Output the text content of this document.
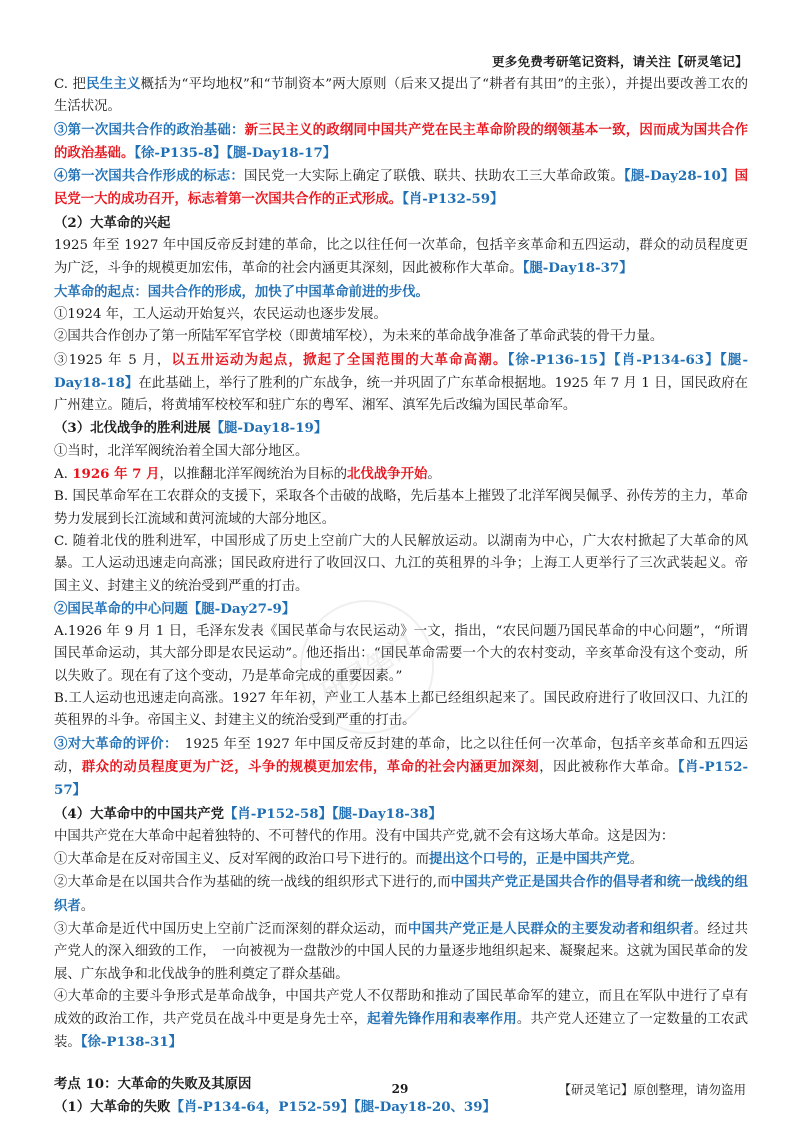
更多免费考研笔记资料，请关注【研灵笔记】
研灵笔记

C. 把民生主义概括为“平均地权”和“节制资本”两大原则（后来又提出了“耕者有其田”的主张），并提出要改善工农的生活状况。

③第一次国共合作的政治基础：新三民主义的政纲同中国共产党在民主革命阶段的纲领基本一致，因而成为国共合作的政治基础。【徐-P135-8】【腿-Day18-17】

④第一次国共合作形成的标志：国民党一大实际上确定了联俄、联共、扶助农工三大革命政策。【腿-Day28-10】国民党一大的成功召开，标志着第一次国共合作的正式形成。【肖-P132-59】

（2）大革命的兴起

1925 年至 1927 年中国反帝反封建的革命，比之以往任何一次革命，包括辛亥革命和五四运动，群众的动员程度更为广泛，斗争的规模更加宏伟，革命的社会内涵更其深刻，因此被称作大革命。【腿-Day18-37】

大革命的起点：国共合作的形成，加快了中国革命前进的步伐。

①1924 年，工人运动开始复兴，农民运动也逐步发展。

②国共合作创办了第一所陆军军官学校（即黄埔军校），为未来的革命战争准备了革命武装的骨干力量。

③1925 年 5 月，以五卅运动为起点，掀起了全国范围的大革命高潮。【徐-P136-15】【肖-P134-63】【腿-Day18-18】在此基础上，举行了胜利的广东战争，统一并巩固了广东革命根据地。1925 年 7 月 1 日，国民政府在广州建立。随后，将黄埔军校校军和驻广东的粤军、湘军、滇军先后改编为国民革命军。

（3）北伐战争的胜利进展【腿-Day18-19】

①当时，北洋军阀统治着全国大部分地区。

A. 1926 年 7 月，以推翻北洋军阀统治为目标的北伐战争开始。

B. 国民革命军在工农群众的支援下，采取各个击破的战略，先后基本上摧毁了北洋军阀吴佩孚、孙传芳的主力，革命势力发展到长江流域和黄河流域的大部分地区。

C. 随着北伐的胜利进军，中国形成了历史上空前广大的人民解放运动。以湖南为中心，广大农村掀起了大革命的风暴。工人运动迅速走向高涨；国民政府进行了收回汉口、九江的英租界的斗争；上海工人更举行了三次武装起义。帝国主义、封建主义的统治受到严重的打击。

②国民革命的中心问题【腿-Day27-9】

A.1926 年 9 月 1 日，毛泽东发表《国民革命与农民运动》一文，指出，“农民问题乃国民革命的中心问题”，“所谓国民革命运动，其大部分即是农民运动”。他还指出：“国民革命需要一个大的农村变动，辛亥革命没有这个变动，所以失败了。现在有了这个变动，乃是革命完成的重要因素。”

B.工人运动也迅速走向高涨。1927 年年初，产业工人基本上都已经组织起来了。国民政府进行了收回汉口、九江的英租界的斗争。帝国主义、封建主义的统治受到严重的打击。

③对大革命的评价：　1925 年至 1927 年中国反帝反封建的革命，比之以往任何一次革命，包括辛亥革命和五四运动，群众的动员程度更为广泛，斗争的规模更加宏伟，革命的社会内涵更加深刻，因此被称作大革命。【肖-P152-57】

（4）大革命中的中国共产党【肖-P152-58】【腿-Day18-38】

中国共产党在大革命中起着独特的、不可替代的作用。没有中国共产党,就不会有这场大革命。这是因为：

①大革命是在反对帝国主义、反对军阀的政治口号下进行的。而提出这个口号的，正是中国共产党。

②大革命是在以国共合作为基础的统一战线的组织形式下进行的,而中国共产党正是国共合作的倡导者和统一战线的组织者。

③大革命是近代中国历史上空前广泛而深刻的群众运动，而中国共产党正是人民群众的主要发动者和组织者。经过共产党人的深入细致的工作，　一向被视为一盘散沙的中国人民的力量逐步地组织起来、凝聚起来。这就为国民革命的发展、广东战争和北伐战争的胜利奠定了群众基础。

④大革命的主要斗争形式是革命战争，中国共产党人不仅帮助和推动了国民革命军的建立，而且在军队中进行了卓有成效的政治工作，共产党员在战斗中更是身先士卒，起着先锋作用和表率作用。共产党人还建立了一定数量的工农武装。【徐-P138-31】

考点 10：大革命的失败及其原因

（1）大革命的失败【肖-P134-64，P152-59】【腿-Day18-20、39】

29	【研灵笔记】原创整理，请勿盗用
